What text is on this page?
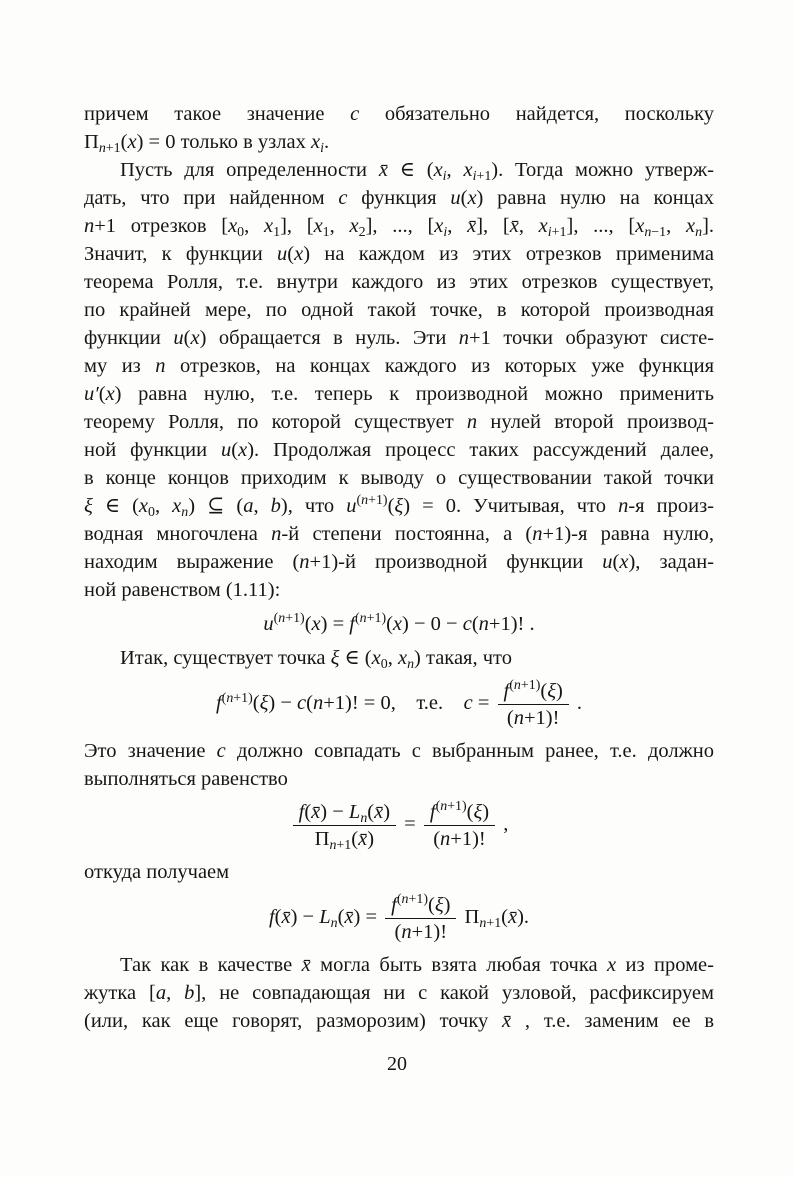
причем такое значение c обязательно найдется, поскольку
$\Pi_{n+1}(x) = 0$ только в узлах $x_i$.
Пусть для определенности x̄ ∈ ($x_i$, $x_{i+1}$). Тогда можно утверж-
дать, что при найденном c функция u(x) равна нулю на концах
n+1 отрезков [$x_0$, $x_1$], [$x_1$, $x_2$], ..., [$x_i$, x̄], [x̄, $x_{i+1}$], ..., [$x_{n-1}$, $x_n$].
Значит, к функции u(x) на каждом из этих отрезков применима
теорема Ролля, т.е. внутри каждого из этих отрезков существует,
по крайней мере, по одной такой точке, в которой производная
функции u(x) обращается в нуль. Эти n+1 точки образуют систе-
му из n отрезков, на концах каждого из которых уже функция
u′(x) равна нулю, т.е. теперь к производной можно применить
теорему Ролля, по которой существует n нулей второй производ-
ной функции u(x). Продолжая процесс таких рассуждений далее,
в конце концов приходим к выводу о существовании такой точки
ξ ∈ ($x_0$, $x_n$) ⊆ (a, b), что $u^{(n+1)}(\xi) = 0$. Учитывая, что n-я произ-
водная многочлена n-й степени постоянна, а (n+1)-я равна нулю,
находим выражение (n+1)-й производной функции u(x), задан-
ной равенством (1.11):
$u^{(n+1)}(x) = f^{(n+1)}(x) - 0 - c(n+1)$! .
Итак, существует точка ξ ∈ ($x_0$, $x_n$) такая, что
$f^{(n+1)}(\xi) - c(n+1)$! = 0, т.е. $c = \frac{f^{(n+1)}(\xi)}{(n+1)!}$ .
Это значение c должно совпадать с выбранным ранее, т.е. должно
выполняться равенство
$\frac{f(x̄) - L_n(x̄)}{\Pi_{n+1}(x̄)} = \frac{f^{(n+1)}(\xi)}{(n+1)!}$ ,
откуда получаем
f(x̄) − $L_n(x̄) = \frac{f^{(n+1)}(\xi)}{(n+1)!}$ $\Pi_{n+1}(x̄)$.
Так как в качестве x̄ могла быть взята любая точка x из проме-
жутка [a, b], не совпадающая ни с какой узловой, расфиксируем
(или, как еще говорят, разморозим) точку x̄ , т.е. заменим ее в
20
